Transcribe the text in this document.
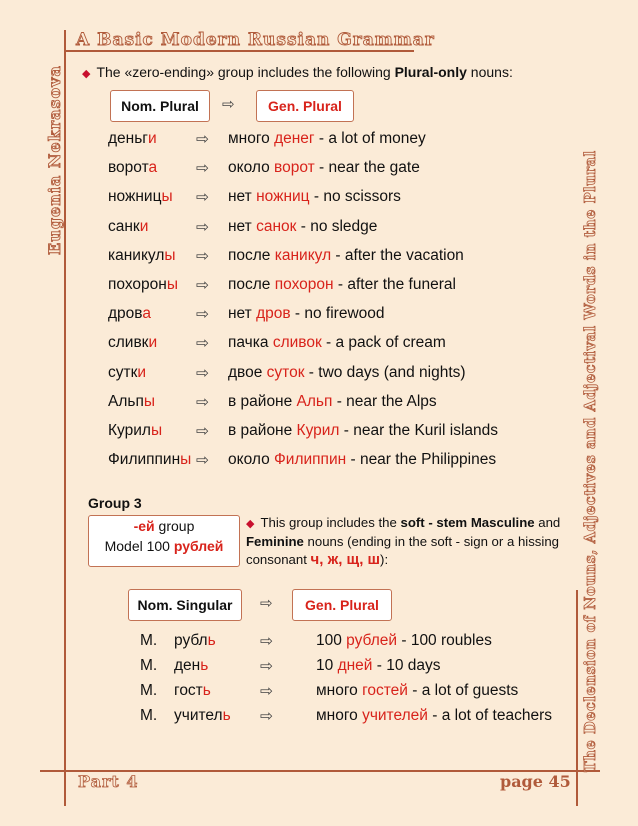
A Basic Modern Russian Grammar
Eugenia Nekrasova	The Declension of Nouns, Adjectives and Adjectival Words in the Plural
◆ The «zero-ending» group includes the following Plural-only nouns:
Nom. Plural ⇨ Gen. Plural
деньги	⇨ много денег - a lot of money
ворота	⇨ около ворот - near the gate
ножницы ⇨ нет ножниц - no scissors
санки	⇨ нет санок - no sledge
каникулы ⇨ после каникул - after the vacation
похороны ⇨ после похорон - after the funeral
дрова	⇨ нет дров - no firewood
сливки	⇨ пачка сливок - a pack of cream
сутки	⇨ двое суток - two days (and nights)
Альпы	⇨ в районе Альп - near the Alps
Курилы ⇨ в районе Курил - near the Kuril islands
Филиппины ⇨ около Филиппин - near the Philippines
Group 3
-ей group
Model 100 рублей
◆ This group includes the soft - stem Masculine and Feminine nouns (ending in the soft - sign or a hissing consonant ч, ж, щ, ш):
Nom. Singular ⇨ Gen. Plural
М. рубль	⇨	100 рублей - 100 roubles
М. день	⇨	10 дней - 10 days
М. гость	⇨	много гостей - a lot of guests
М. учитель ⇨	много учителей - a lot of teachers
Part 4	page 45
